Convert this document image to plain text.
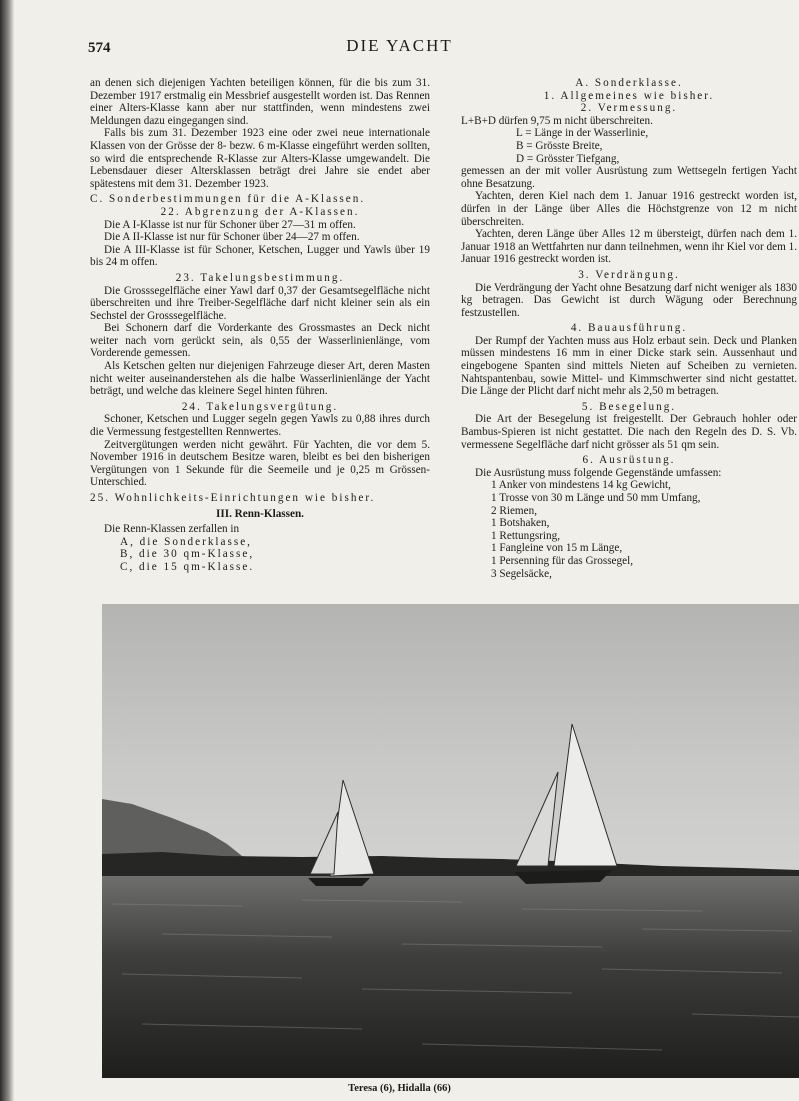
574	DIE YACHT

an denen sich diejenigen Yachten beteiligen können, für die bis zum 31. Dezember 1917 erstmalig ein Messbrief ausgestellt worden ist. Das Rennen einer Alters-Klasse kann aber nur stattfinden, wenn mindestens zwei Meldungen dazu eingegangen sind.

Falls bis zum 31. Dezember 1923 eine oder zwei neue internationale Klassen von der Grösse der 8- bezw. 6 m-Klasse eingeführt werden sollten, so wird die entsprechende R-Klasse zur Alters-Klasse umgewandelt. Die Lebensdauer dieser Altersklassen beträgt drei Jahre sie endet aber spätestens mit dem 31. Dezember 1923.

C. Sonderbestimmungen für die A-Klassen.

22. Abgrenzung der A-Klassen.

Die A I-Klasse ist nur für Schoner über 27—31 m offen.

Die A II-Klasse ist nur für Schoner über 24—27 m offen.

Die A III-Klasse ist für Schoner, Ketschen, Lugger und Yawls über 19 bis 24 m offen.

23. Takelungsbestimmung.

Die Grosssegelfläche einer Yawl darf 0,37 der Gesamtsegelfläche nicht überschreiten und ihre Treiber-Segelfläche darf nicht kleiner sein als ein Sechstel der Grosssegelfläche.

Bei Schonern darf die Vorderkante des Grossmastes an Deck nicht weiter nach vorn gerückt sein, als 0,55 der Wasserlinienlänge, vom Vorderende gemessen.

Als Ketschen gelten nur diejenigen Fahrzeuge dieser Art, deren Masten nicht weiter auseinanderstehen als die halbe Wasserlinienlänge der Yacht beträgt, und welche das kleinere Segel hinten führen.

24. Takelungsvergütung.

Schoner, Ketschen und Lugger segeln gegen Yawls zu 0,88 ihres durch die Vermessung festgestellten Rennwertes.

Zeitvergütungen werden nicht gewährt. Für Yachten, die vor dem 5. November 1916 in deutschem Besitze waren, bleibt es bei den bisherigen Vergütungen von 1 Sekunde für die Seemeile und je 0,25 m Grössen-Unterschied.

25. Wohnlichkeits-Einrichtungen wie bisher.

III. Renn-Klassen.

Die Renn-Klassen zerfallen in

A, die Sonderklasse,

B, die 30 qm-Klasse,

C, die 15 qm-Klasse.

A. Sonderklasse.

1. Allgemeines wie bisher.

2. Vermessung.

L+B+D dürfen 9,75 m nicht überschreiten.

L = Länge in der Wasserlinie,

B = Grösste Breite,

D = Grösster Tiefgang,

gemessen an der mit voller Ausrüstung zum Wettsegeln fertigen Yacht ohne Besatzung.

Yachten, deren Kiel nach dem 1. Januar 1916 gestreckt worden ist, dürfen in der Länge über Alles die Höchstgrenze von 12 m nicht überschreiten.

Yachten, deren Länge über Alles 12 m übersteigt, dürfen nach dem 1. Januar 1918 an Wettfahrten nur dann teilnehmen, wenn ihr Kiel vor dem 1. Januar 1916 gestreckt worden ist.

3. Verdrängung.

Die Verdrängung der Yacht ohne Besatzung darf nicht weniger als 1830 kg betragen. Das Gewicht ist durch Wägung oder Berechnung festzustellen.

4. Bauausführung.

Der Rumpf der Yachten muss aus Holz erbaut sein. Deck und Planken müssen mindestens 16 mm in einer Dicke stark sein. Aussenhaut und eingebogene Spanten sind mittels Nieten auf Scheiben zu vernieten. Nahtspantenbau, sowie Mittel- und Kimmschwerter sind nicht gestattet. Die Länge der Plicht darf nicht mehr als 2,50 m betragen.

5. Besegelung.

Die Art der Besegelung ist freigestellt. Der Gebrauch hohler oder Bambus-Spieren ist nicht gestattet. Die nach den Regeln des D. S. Vb. vermessene Segelfläche darf nicht grösser als 51 qm sein.

6. Ausrüstung.

Die Ausrüstung muss folgende Gegenstände umfassen:

1 Anker von mindestens 14 kg Gewicht,

1 Trosse von 30 m Länge und 50 mm Umfang,

2 Riemen,

1 Botshaken,

1 Rettungsring,

1 Fangleine von 15 m Länge,

1 Persenning für das Grossegel,

3 Segelsäcke,

Teresa (6), Hidalla (66)
